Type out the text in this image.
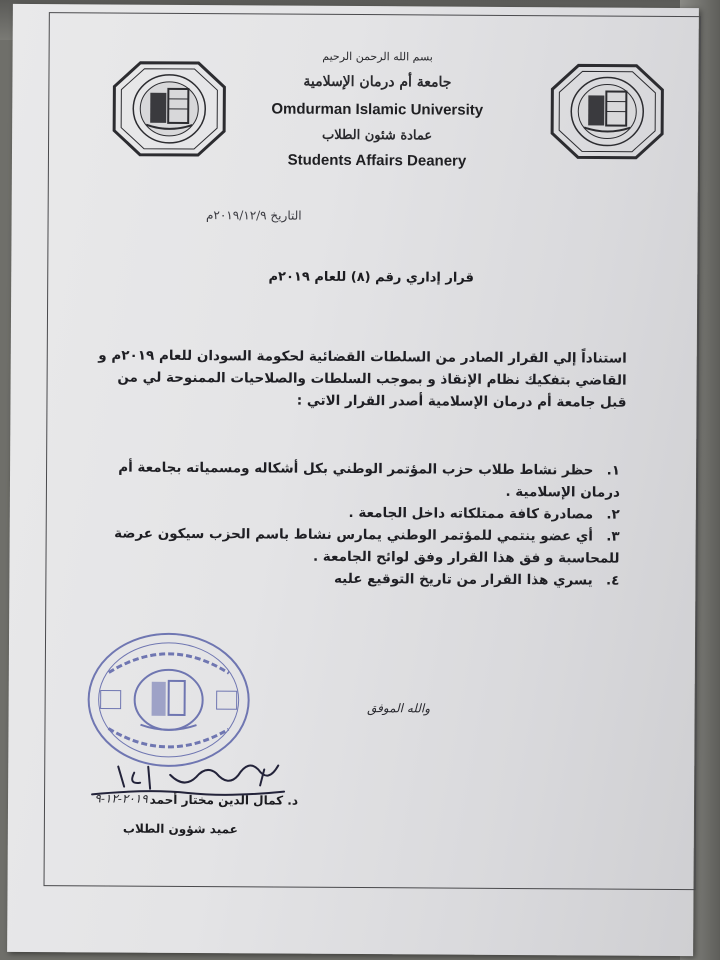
بسم الله الرحمن الرحيم
جامعة أم درمان الإسلامية
Omdurman Islamic University
عمادة شئون الطلاب
Students Affairs Deanery
التاريخ ٢٠١٩/١٢/٩م
قرار إداري رقم (٨) للعام ٢٠١٩م
استناداً إلي القرار الصادر من السلطات القضائية لحكومة السودان للعام ٢٠١٩م و القاضي بتفكيك نظام الإنقاذ و بموجب السلطات والصلاحيات الممنوحة لي من قبل جامعة أم درمان الإسلامية أصدر القرار الاتي :
١. حظر نشاط طلاب حزب المؤتمر الوطني بكل أشكاله ومسمياته بجامعة أم درمان الإسلامية .
٢. مصادرة كافة ممتلكاته داخل الجامعة .
٣. أي عضو ينتمي للمؤتمر الوطني يمارس نشاط باسم الحزب سيكون عرضة للمحاسبة و فق هذا القرار وفق لوائح الجامعة .
٤. يسري هذا القرار من تاريخ التوقيع عليه
والله الموفق
د. كمال الدين مختار أحمد
٢٠١٩-١٢-٩
عميد شؤون الطلاب
